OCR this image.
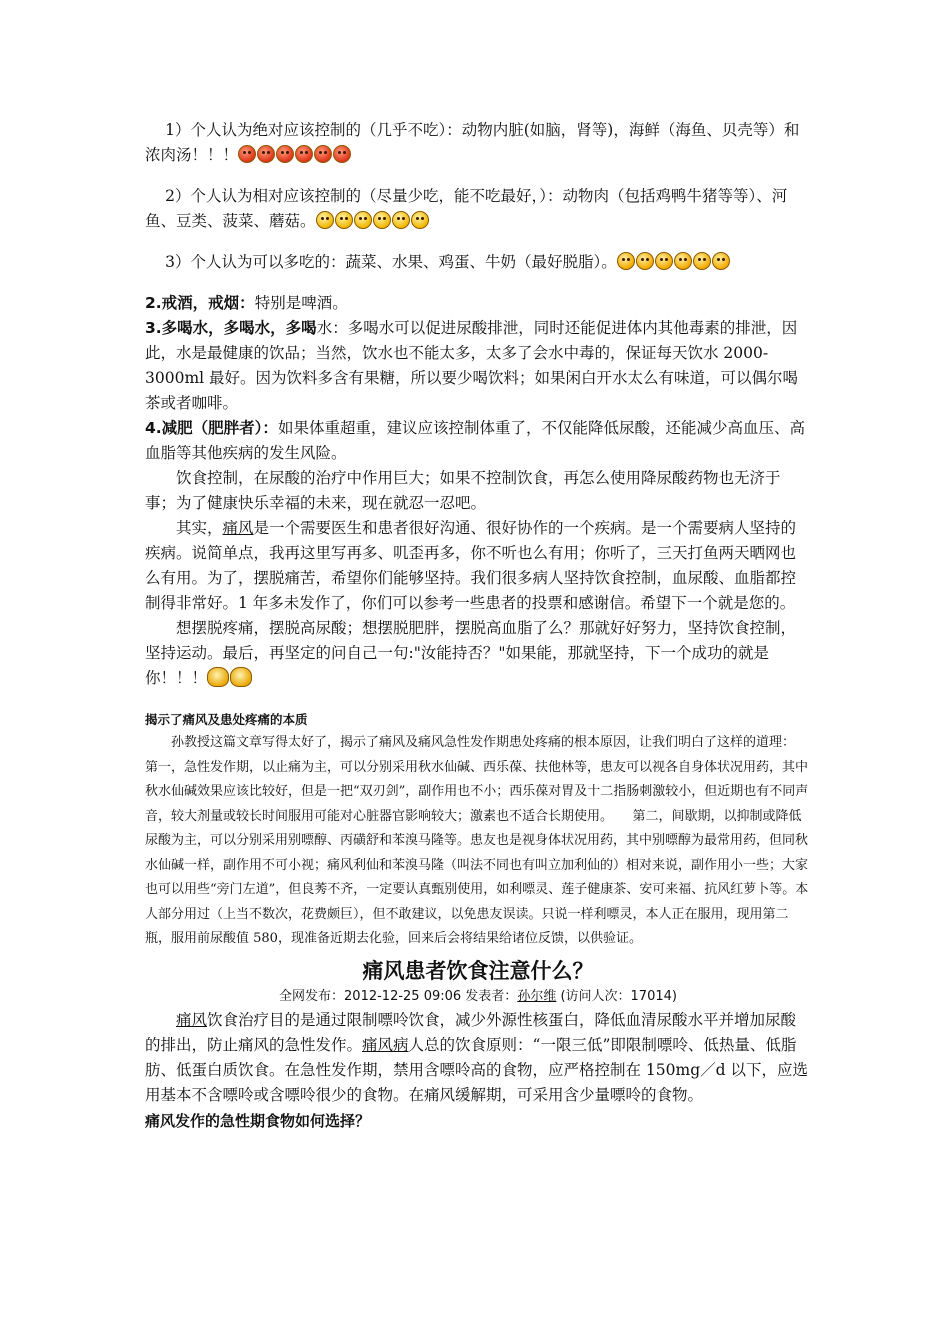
1）个人认为绝对应该控制的（几乎不吃）：动物内脏(如脑，肾等)，海鲜（海鱼、贝壳等）和浓肉汤！！！

2）个人认为相对应该控制的（尽量少吃，能不吃最好，）：动物肉（包括鸡鸭牛猪等等）、河鱼、豆类、菠菜、蘑菇。

3）个人认为可以多吃的：蔬菜、水果、鸡蛋、牛奶（最好脱脂）。

2.戒酒，戒烟：特别是啤酒。

3.多喝水，多喝水，多喝水：多喝水可以促进尿酸排泄，同时还能促进体内其他毒素的排泄，因此，水是最健康的饮品；当然，饮水也不能太多，太多了会水中毒的，保证每天饮水 2000-3000ml 最好。因为饮料多含有果糖，所以要少喝饮料；如果闲白开水太么有味道，可以偶尔喝茶或者咖啡。

4.减肥（肥胖者）：如果体重超重，建议应该控制体重了，不仅能降低尿酸，还能减少高血压、高血脂等其他疾病的发生风险。

饮食控制，在尿酸的治疗中作用巨大；如果不控制饮食，再怎么使用降尿酸药物也无济于事；为了健康快乐幸福的未来，现在就忍一忍吧。

其实，痛风是一个需要医生和患者很好沟通、很好协作的一个疾病。是一个需要病人坚持的疾病。说简单点，我再这里写再多、叽歪再多，你不听也么有用；你听了，三天打鱼两天晒网也么有用。为了，摆脱痛苦，希望你们能够坚持。我们很多病人坚持饮食控制，血尿酸、血脂都控制得非常好。1 年多未发作了，你们可以参考一些患者的投票和感谢信。希望下一个就是您的。

想摆脱疼痛，摆脱高尿酸；想摆脱肥胖，摆脱高血脂了么？那就好好努力，坚持饮食控制，坚持运动。最后，再坚定的问自己一句:"汝能持否？"如果能，那就坚持，下一个成功的就是你！！！

揭示了痛风及患处疼痛的本质

孙教授这篇文章写得太好了，揭示了痛风及痛风急性发作期患处疼痛的根本原因，让我们明白了这样的道理：　　第一，急性发作期，以止痛为主，可以分别采用秋水仙碱、西乐葆、扶他林等，患友可以视各自身体状况用药，其中秋水仙碱效果应该比较好，但是一把“双刃剑”，副作用也不小；西乐葆对胃及十二指肠刺激较小，但近期也有不同声音，较大剂量或较长时间服用可能对心脏器官影响较大；激素也不适合长期使用。　　第二，间歇期，以抑制或降低尿酸为主，可以分别采用别嘌醇、丙磺舒和苯溴马隆等。患友也是视身体状况用药，其中别嘌醇为最常用药，但同秋水仙碱一样，副作用不可小视；痛风利仙和苯溴马隆（叫法不同也有叫立加利仙的）相对来说，副作用小一些；大家也可以用些“旁门左道”，但良莠不齐，一定要认真甄别使用，如利嘌灵、莲子健康茶、安可来福、抗风红萝卜等。本人部分用过（上当不数次，花费颇巨），但不敢建议，以免患友误读。只说一样利嘌灵，本人正在服用，现用第二瓶，服用前尿酸值 580，现准备近期去化验，回来后会将结果给诸位反馈，以供验证。

痛风患者饮食注意什么？

全网发布：2012-12-25 09:06 发表者：孙尔维 (访问人次：17014)

痛风饮食治疗目的是通过限制嘌呤饮食，减少外源性核蛋白，降低血清尿酸水平并增加尿酸的排出，防止痛风的急性发作。痛风病人总的饮食原则：“一限三低”即限制嘌呤、低热量、低脂肪、低蛋白质饮食。在急性发作期，禁用含嘌呤高的食物，应严格控制在 150mg／d 以下，应选用基本不含嘌呤或含嘌呤很少的食物。在痛风缓解期，可采用含少量嘌呤的食物。

痛风发作的急性期食物如何选择？
